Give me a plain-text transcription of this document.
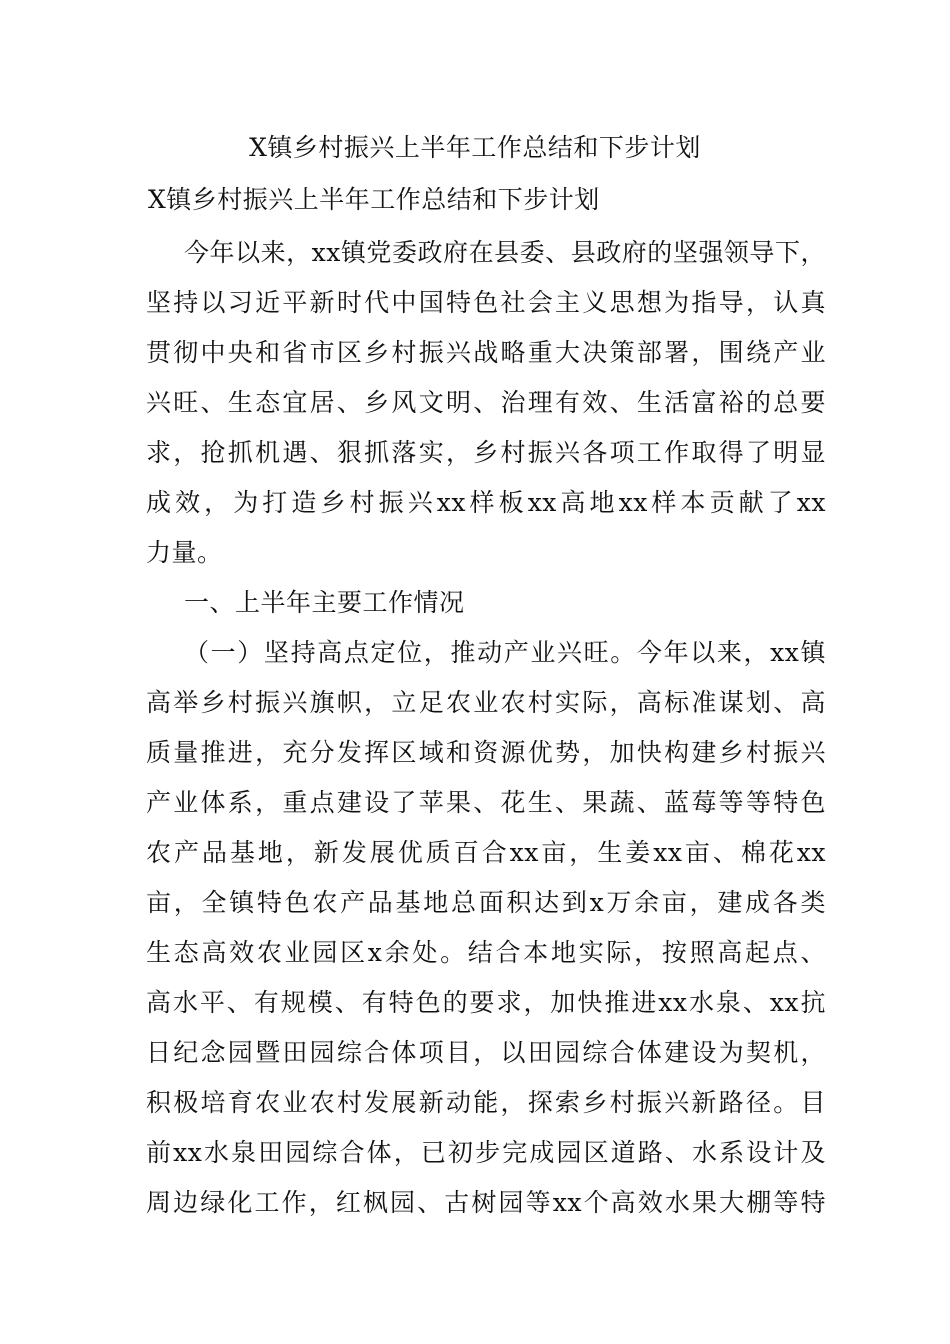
X镇乡村振兴上半年工作总结和下步计划
X镇乡村振兴上半年工作总结和下步计划
今年以来，xx镇党委政府在县委、县政府的坚强领导下，
坚持以习近平新时代中国特色社会主义思想为指导，认真
贯彻中央和省市区乡村振兴战略重大决策部署，围绕产业
兴旺、生态宜居、乡风文明、治理有效、生活富裕的总要
求，抢抓机遇、狠抓落实，乡村振兴各项工作取得了明显
成效，为打造乡村振兴xx样板xx高地xx样本贡献了xx
力量。
一、上半年主要工作情况
（一）坚持高点定位，推动产业兴旺。今年以来，xx镇
高举乡村振兴旗帜，立足农业农村实际，高标准谋划、高
质量推进，充分发挥区域和资源优势，加快构建乡村振兴
产业体系，重点建设了苹果、花生、果蔬、蓝莓等等特色
农产品基地，新发展优质百合xx亩，生姜xx亩、棉花xx
亩，全镇特色农产品基地总面积达到x万余亩，建成各类
生态高效农业园区x余处。结合本地实际，按照高起点、
高水平、有规模、有特色的要求，加快推进xx水泉、xx抗
日纪念园暨田园综合体项目，以田园综合体建设为契机，
积极培育农业农村发展新动能，探索乡村振兴新路径。目
前xx水泉田园综合体，已初步完成园区道路、水系设计及
周边绿化工作，红枫园、古树园等xx个高效水果大棚等特
